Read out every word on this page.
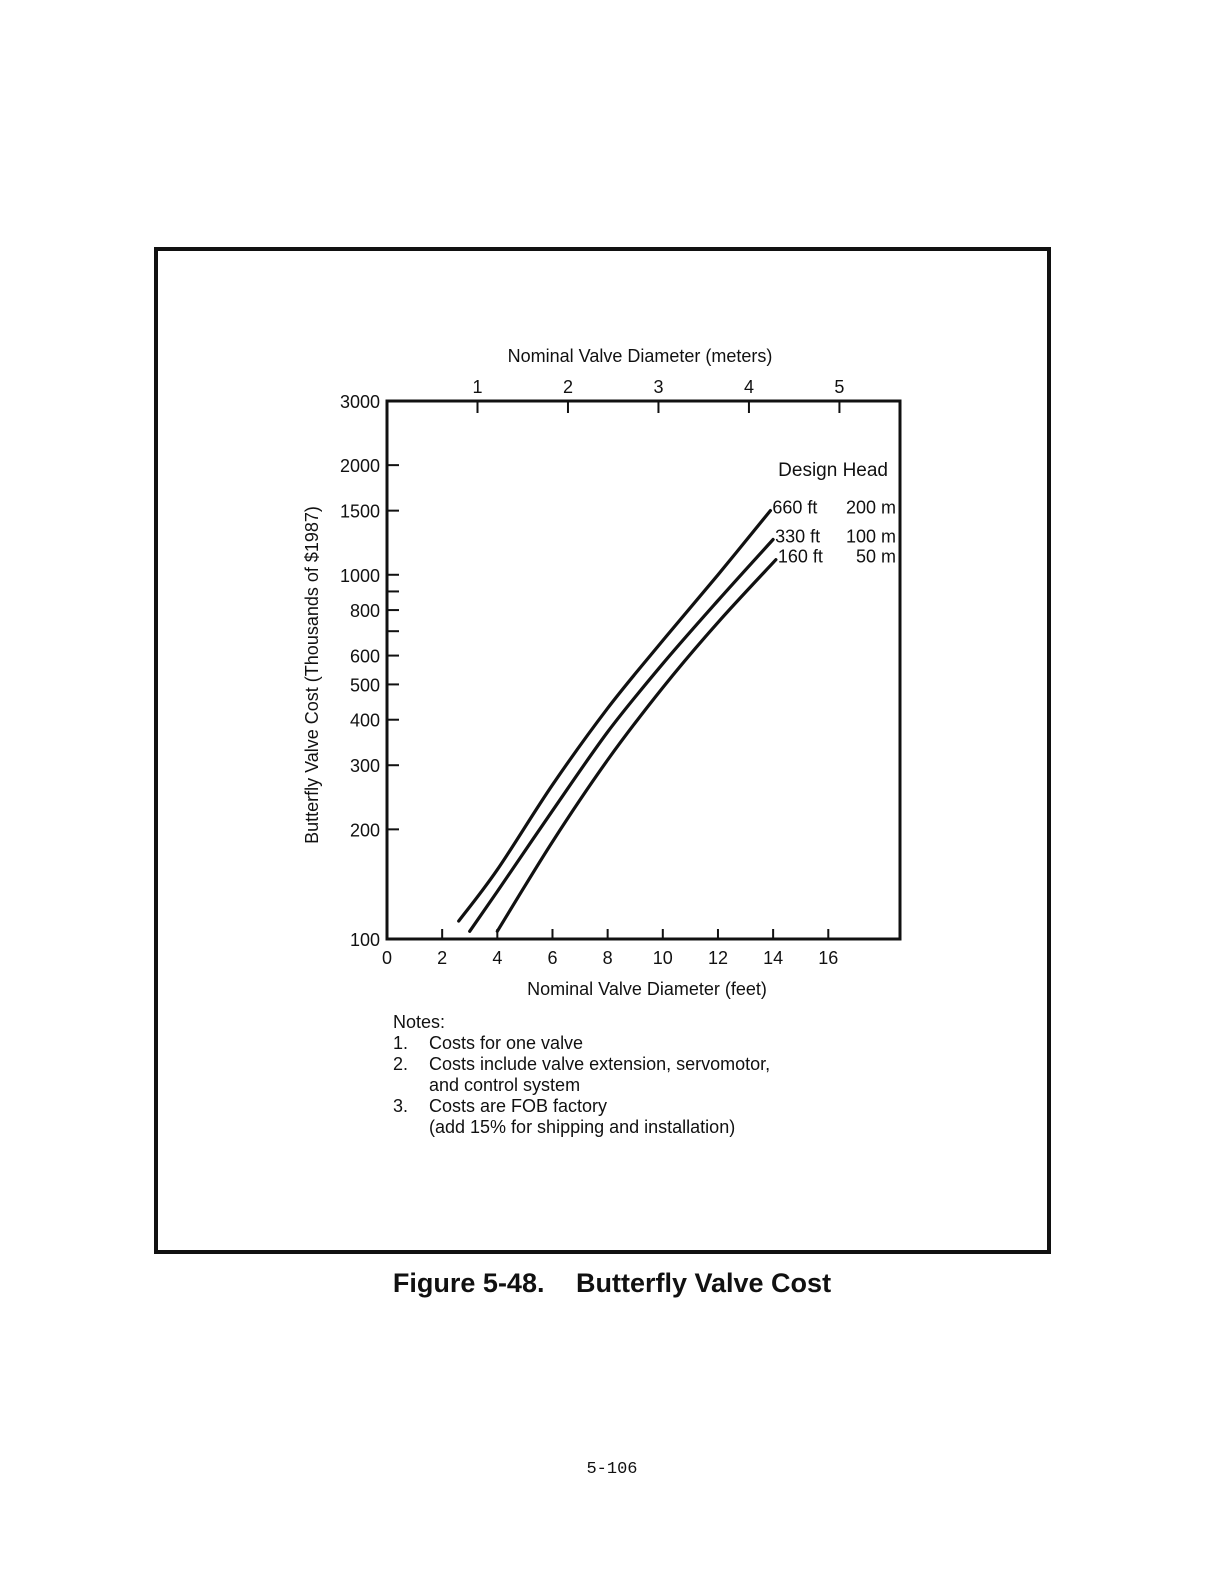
Nominal Valve Diameter (meters)
1	2	3	4	5
0	2	4	6	8 10 12 14 16
Nominal Valve Diameter (feet)
100
200
300
400
500
600
800
1000
1500
2000
3000
Butterfly Valve Cost (Thousands of $1987)
Design Head
660 ft 200 m
330 ft 100 m
160 ft 50 m
Notes:
1.	Costs for one valve
2.	Costs include valve extension, servomotor,
and control system
3.	Costs are FOB factory
(add 15% for shipping and installation)
Figure 5-48. Butterfly Valve Cost
5-106
